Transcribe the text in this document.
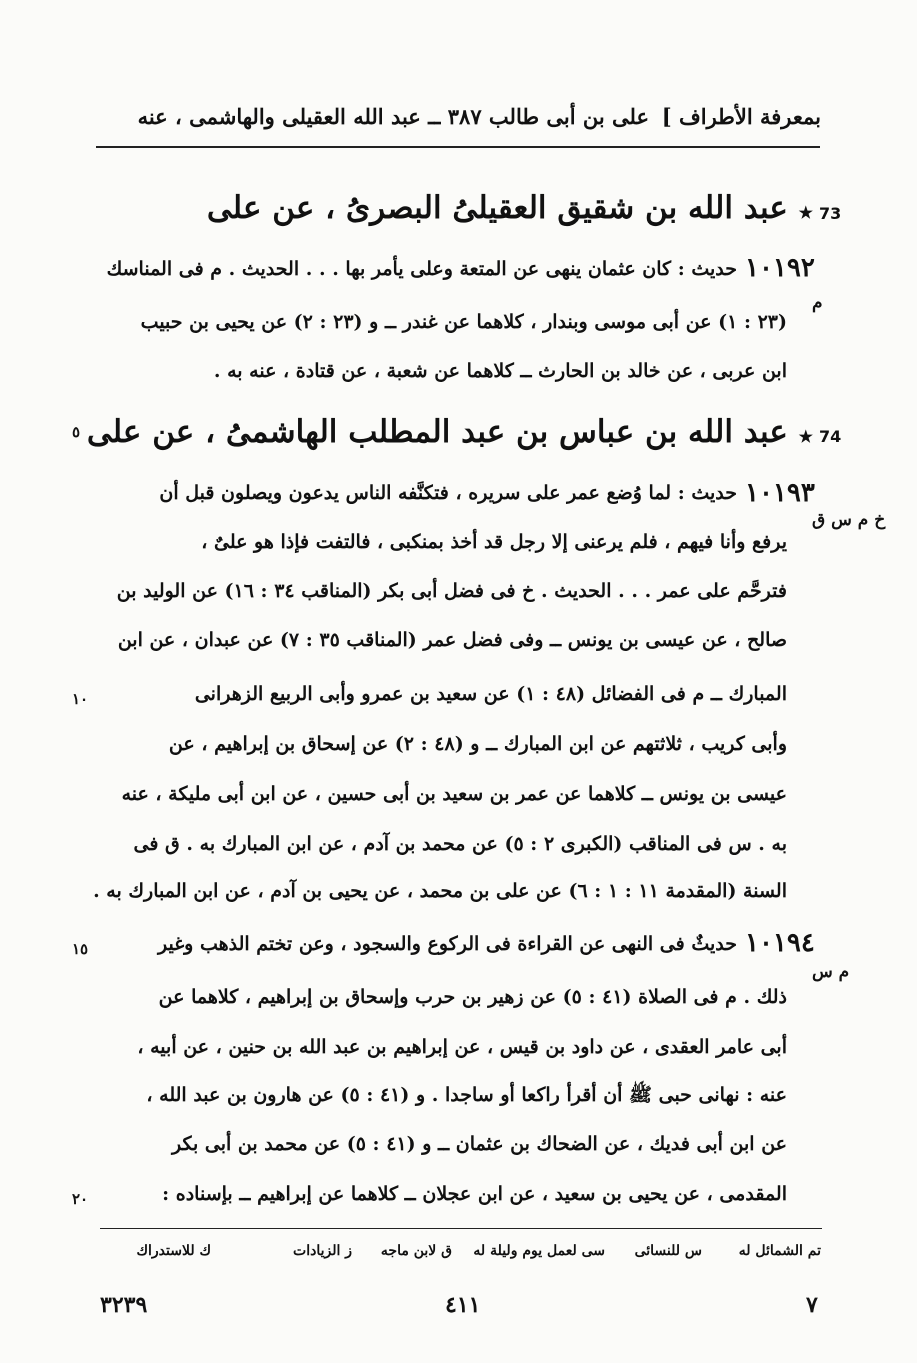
بمعرفة الأطراف ]
على بن أبى طالب ٣٨٧ ــ عبد الله العقيلى والهاشمى ، عنه
★ عبد الله بن شقيق العقيلىُ البصرىُ ، عن على	73
١٠١٩٢
حديث : كان عثمان ينهى عن المتعة وعلى يأمر بها . . . الحديث . م فى المناسك
م
(٢٣ : ١) عن أبى موسى وبندار ، كلاهما عن غندر ــ و (٢٣ : ٢) عن يحيى بن حبيب
ابن عربى ، عن خالد بن الحارث ــ كلاهما عن شعبة ، عن قتادة ، عنه به .
★ عبد الله بن عباس بن عبد المطلب الهاشمىُ ، عن على	74
٥
١٠١٩٣
حديث : لما وُضع عمر على سريره ، فتكنَّفه الناس يدعون ويصلون قبل أن
خ م س ق
يرفع وأنا فيهم ، فلم يرعنى إلا رجل قد أخذ بمنكبى ، فالتفت فإذا هو علىٌ ،
فترحَّم على عمر . . . الحديث . خ فى فضل أبى بكر (المناقب ٣٤ : ١٦) عن الوليد بن
صالح ، عن عيسى بن يونس ــ وفى فضل عمر (المناقب ٣٥ : ٧) عن عبدان ، عن ابن
المبارك ــ م فى الفضائل (٤٨ : ١) عن سعيد بن عمرو وأبى الربيع الزهرانى
١٠
وأبى كريب ، ثلاثتهم عن ابن المبارك ــ و (٤٨ : ٢) عن إسحاق بن إبراهيم ، عن
عيسى بن يونس ــ كلاهما عن عمر بن سعيد بن أبى حسين ، عن ابن أبى مليكة ، عنه
به . س فى المناقب (الكبرى ٢ : ٥) عن محمد بن آدم ، عن ابن المبارك به . ق فى
السنة (المقدمة ١١ : ١ : ٦) عن على بن محمد ، عن يحيى بن آدم ، عن ابن المبارك به .
١٠١٩٤
حديثٌ فى النهى عن القراءة فى الركوع والسجود ، وعن تختم الذهب وغير
١٥
م س
ذلك . م فى الصلاة (٤١ : ٥) عن زهير بن حرب وإسحاق بن إبراهيم ، كلاهما عن
أبى عامر العقدى ، عن داود بن قيس ، عن إبراهيم بن عبد الله بن حنين ، عن أبيه ،
عنه : نهانى حبى ﷺ أن أقرأ راكعا أو ساجدا . و (٤١ : ٥) عن هارون بن عبد الله ،
عن ابن أبى فديك ، عن الضحاك بن عثمان ــ و (٤١ : ٥) عن محمد بن أبى بكر
المقدمى ، عن يحيى بن سعيد ، عن ابن عجلان ــ كلاهما عن إبراهيم ــ بإسناده :
٢٠
تم الشمائل له
س للنسائى
سى لعمل يوم وليلة له
ق لابن ماجه
ز الزيادات
ك للاستدراك
٧
٤١١
٣٢٣٩
